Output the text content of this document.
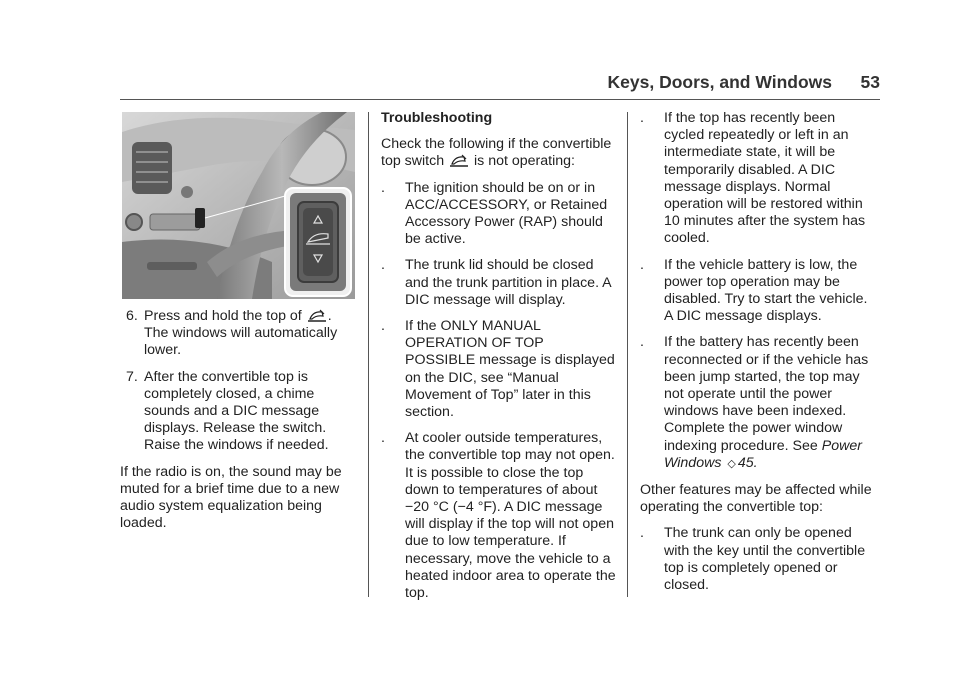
Keys, Doors, and Windows 53
6. Press and hold the top of .

The windows will automatically lower.

7. After the convertible top is completely closed, a chime sounds and a DIC message displays. Release the switch. Raise the windows if needed.

If the radio is on, the sound may be muted for a brief time due to a new audio system equalization being loaded.

Troubleshooting

Check the following if the convertible top switch is not operating:

. The ignition should be on or in ACC/ACCESSORY, or Retained Accessory Power (RAP) should be active.

. The trunk lid should be closed and the trunk partition in place. A DIC message will display.

. If the ONLY MANUAL OPERATION OF TOP POSSIBLE message is displayed on the DIC, see “Manual Movement of Top” later in this section.

. At cooler outside temperatures, the convertible top may not open. It is possible to close the top down to temperatures of about −20 °C (−4 °F). A DIC message will display if the top will not open due to low temperature. If necessary, move the vehicle to a heated indoor area to operate the top.

. If the top has recently been cycled repeatedly or left in an intermediate state, it will be temporarily disabled. A DIC message displays. Normal operation will be restored within 10 minutes after the system has cooled.

. If the vehicle battery is low, the power top operation may be disabled. Try to start the vehicle. A DIC message displays.

. If the battery has recently been reconnected or if the vehicle has been jump started, the top may not operate until the power windows have been indexed. Complete the power window indexing procedure. See Power Windows ◇ 45.

Other features may be affected while operating the convertible top:

. The trunk can only be opened with the key until the convertible top is completely opened or closed.
